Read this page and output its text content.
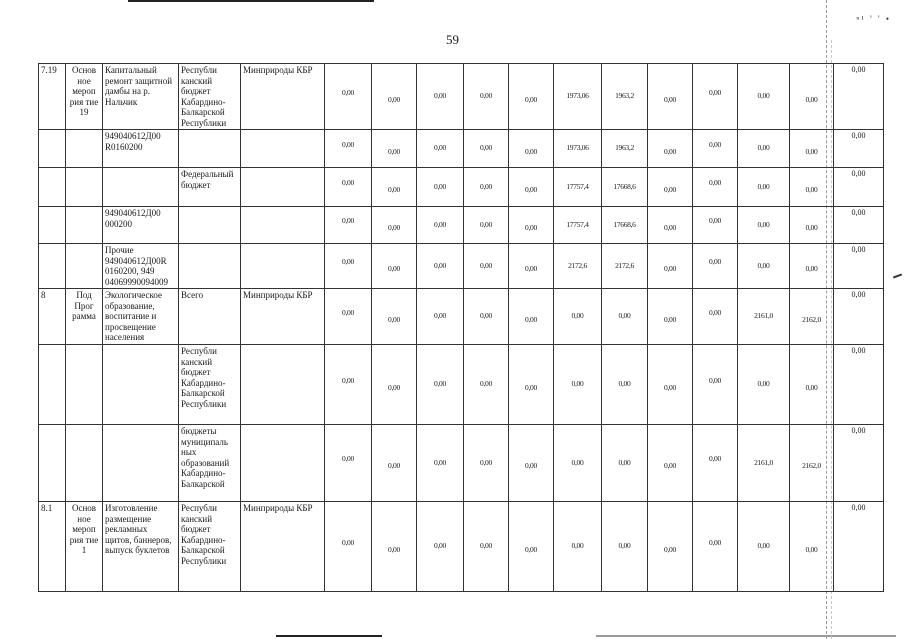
ⁿ¹ ' ' •
59
7.19	Основ ное мероп рия тие 19	Капитальный ремонт защитной дамбы на р. Нальчик	Республи канский бюджет Кабардино-Балкарской Республики	Минприроды КБР	0,00	0,00	0,00	0,00	0,00	1973,06	1963,2	0,00	0,00	0,00	0,00	0,00
		949040612Д00 R0160200			0,00	0,00	0,00	0,00	0,00	1973,06	1963,2	0,00	0,00	0,00	0,00	0,00
			Федеральный бюджет		0,00	0,00	0,00	0,00	0,00	17757,4	17668,6	0,00	0,00	0,00	0,00	0,00
		949040612Д00 000200			0,00	0,00	0,00	0,00	0,00	17757,4	17668,6	0,00	0,00	0,00	0,00	0,00
		Прочие 949040612Д00R 0160200, 949 04069990094009			0,00	0,00	0,00	0,00	0,00	2172,6	2172,6	0,00	0,00	0,00	0,00	0,00
8	Под Прог рамма	Экологическое образование, воспитание и просвещение населения	Всего	Минприроды КБР	0,00	0,00	0,00	0,00	0,00	0,00	0,00	0,00	0,00	2161,0	2162,0	0,00
			Республи канский бюджет Кабардино-Балкарской Республики		0,00	0,00	0,00	0,00	0,00	0,00	0,00	0,00	0,00	0,00	0,00	0,00
			бюджеты муниципаль ных образований Кабардино-Балкарской		0,00	0,00	0,00	0,00	0,00	0,00	0,00	0,00	0,00	2161,0	2162,0	0,00
8.1	Основ ное мероп рия тие 1	Изготовление размещение рекламных щитов, баннеров, выпуск буклетов	Республи канский бюджет Кабардино-Балкарской Республики	Минприроды КБР	0,00	0,00	0,00	0,00	0,00	0,00	0,00	0,00	0,00	0,00	0,00	0,00
